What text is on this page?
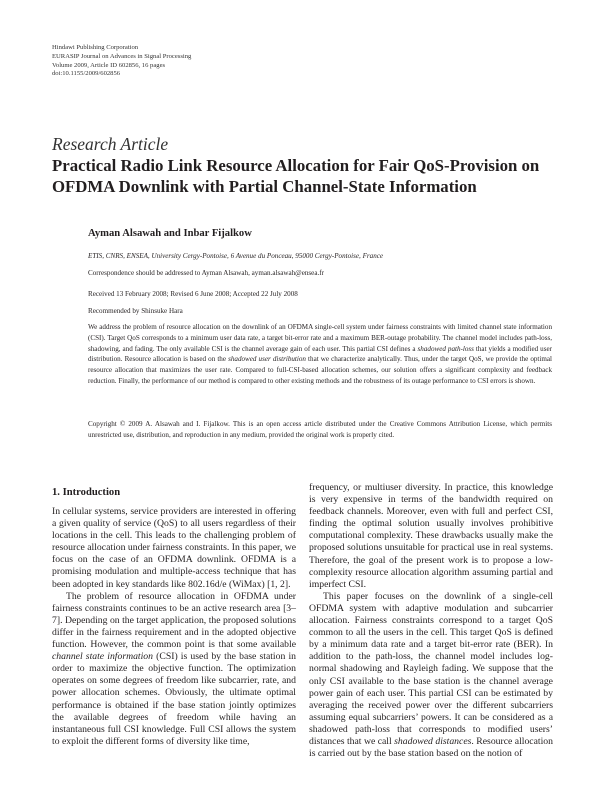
Hindawi Publishing Corporation
EURASIP Journal on Advances in Signal Processing
Volume 2009, Article ID 602856, 16 pages
doi:10.1155/2009/602856
Research Article
Practical Radio Link Resource Allocation for Fair QoS-Provision on OFDMA Downlink with Partial Channel-State Information
Ayman Alsawah and Inbar Fijalkow
ETIS, CNRS, ENSEA, University Cergy-Pontoise, 6 Avenue du Ponceau, 95000 Cergy-Pontoise, France
Correspondence should be addressed to Ayman Alsawah, ayman.alsawah@ensea.fr
Received 13 February 2008; Revised 6 June 2008; Accepted 22 July 2008
Recommended by Shinsuke Hara
We address the problem of resource allocation on the downlink of an OFDMA single-cell system under fairness constraints with limited channel state information (CSI). Target QoS corresponds to a minimum user data rate, a target bit-error rate and a maximum BER-outage probability. The channel model includes path-loss, shadowing, and fading. The only available CSI is the channel average gain of each user. This partial CSI defines a shadowed path-loss that yields a modified user distribution. Resource allocation is based on the shadowed user distribution that we characterize analytically. Thus, under the target QoS, we provide the optimal resource allocation that maximizes the user rate. Compared to full-CSI-based allocation schemes, our solution offers a significant complexity and feedback reduction. Finally, the performance of our method is compared to other existing methods and the robustness of its outage performance to CSI errors is shown.
Copyright © 2009 A. Alsawah and I. Fijalkow. This is an open access article distributed under the Creative Commons Attribution License, which permits unrestricted use, distribution, and reproduction in any medium, provided the original work is properly cited.
1. Introduction

In cellular systems, service providers are interested in offering a given quality of service (QoS) to all users regardless of their locations in the cell. This leads to the challenging problem of resource allocation under fairness constraints. In this paper, we focus on the case of an OFDMA downlink. OFDMA is a promising modulation and multiple-access technique that has been adopted in key standards like 802.16d/e (WiMax) [1, 2].

The problem of resource allocation in OFDMA under fairness constraints continues to be an active research area [3–7]. Depending on the target application, the proposed solutions differ in the fairness requirement and in the adopted objective function. However, the common point is that some available channel state information (CSI) is used by the base station in order to maximize the objective function. The optimization operates on some degrees of freedom like subcarrier, rate, and power allocation schemes. Obviously, the ultimate optimal performance is obtained if the base station jointly optimizes the available degrees of freedom while having an instantaneous full CSI knowledge. Full CSI allows the system to exploit the different forms of diversity like time,

frequency, or multiuser diversity. In practice, this knowledge is very expensive in terms of the bandwidth required on feedback channels. Moreover, even with full and perfect CSI, finding the optimal solution usually involves prohibitive computational complexity. These drawbacks usually make the proposed solutions unsuitable for practical use in real systems. Therefore, the goal of the present work is to propose a low-complexity resource allocation algorithm assuming partial and imperfect CSI.

This paper focuses on the downlink of a single-cell OFDMA system with adaptive modulation and subcarrier allocation. Fairness constraints correspond to a target QoS common to all the users in the cell. This target QoS is defined by a minimum data rate and a target bit-error rate (BER). In addition to the path-loss, the channel model includes log-normal shadowing and Rayleigh fading. We suppose that the only CSI available to the base station is the channel average power gain of each user. This partial CSI can be estimated by averaging the received power over the different subcarriers assuming equal subcarriers’ powers. It can be considered as a shadowed path-loss that corresponds to modified users’ distances that we call shadowed distances. Resource allocation is carried out by the base station based on the notion of
